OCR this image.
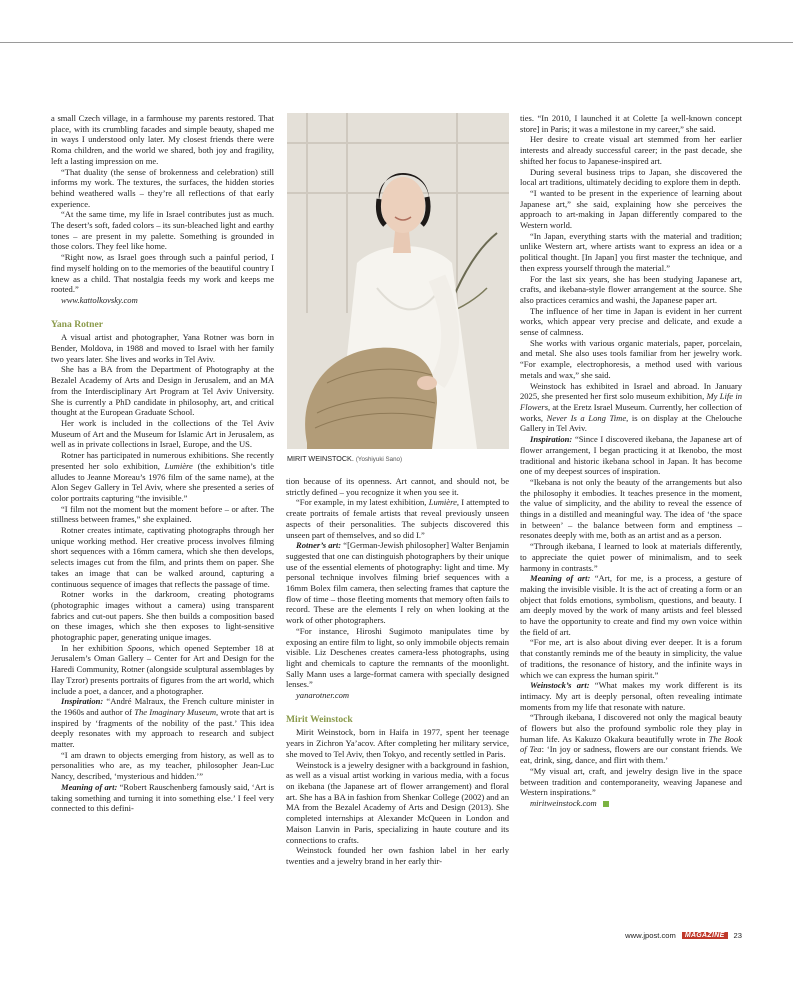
a small Czech village, in a farmhouse my parents restored. That place, with its crumbling facades and simple beauty, shaped me in ways I understood only later. My closest friends there were Roma children, and the world we shared, both joy and fragility, left a lasting impression on me.

“That duality (the sense of brokenness and celebration) still informs my work. The textures, the surfaces, the hidden stories behind weathered walls – they’re all reflections of that early experience.

“At the same time, my life in Israel contributes just as much. The desert’s soft, faded colors – its sun-bleached light and earthy tones – are present in my palette. Something is grounded in those colors. They feel like home.

“Right now, as Israel goes through such a painful period, I find myself holding on to the memories of the beautiful country I knew as a child. That nostalgia feeds my work and keeps me rooted.”

www.kattolkovsky.com

Yana Rotner

A visual artist and photographer, Yana Rotner was born in Bender, Moldova, in 1988 and moved to Israel with her family two years later. She lives and works in Tel Aviv.

She has a BA from the Department of Photography at the Bezalel Academy of Arts and Design in Jerusalem, and an MA from the Interdisciplinary Art Program at Tel Aviv University. She is currently a PhD candidate in philosophy, art, and critical thought at the European Graduate School.

Her work is included in the collections of the Tel Aviv Museum of Art and the Museum for Islamic Art in Jerusalem, as well as in private collections in Israel, Europe, and the US.

Rotner has participated in numerous exhibitions. She recently presented her solo exhibition, Lumière (the exhibition’s title alludes to Jeanne Moreau’s 1976 film of the same name), at the Alon Segev Gallery in Tel Aviv, where she presented a series of color portraits capturing “the invisible.”

“I film not the moment but the moment before – or after. The stillness between frames,” she explained.

Rotner creates intimate, captivating photographs through her unique working method. Her creative process involves filming short sequences with a 16mm camera, which she then develops, selects images cut from the film, and prints them on paper. She takes an image that can be walked around, capturing a continuous sequence of images that reflects the passage of time.

Rotner works in the darkroom, creating photograms (photographic images without a camera) using transparent fabrics and cut-out papers. She then builds a composition based on these images, which she then exposes to light-sensitive photographic paper, generating unique images.

In her exhibition Spoons, which opened September 18 at Jerusalem’s Oman Gallery – Center for Art and Design for the Haredi Community, Rotner (alongside sculptural assemblages by Ilay Tzror) presents portraits of figures from the art world, which include a poet, a dancer, and a photographer.

Inspiration: “André Malraux, the French culture minister in the 1960s and author of The Imaginary Museum, wrote that art is inspired by ‘fragments of the nobility of the past.’ This idea deeply resonates with my approach to research and subject matter.

“I am drawn to objects emerging from history, as well as to personalities who are, as my teacher, philosopher Jean-Luc Nancy, described, ‘mysterious and hidden.’”

Meaning of art: “Robert Rauschenberg famously said, ‘Art is taking something and turning it into something else.’ I feel very connected to this defini-

MIRIT WEINSTOCK. (Yoshiyuki Sano)

tion because of its openness. Art cannot, and should not, be strictly defined – you recognize it when you see it.

“For example, in my latest exhibition, Lumière, I attempted to create portraits of female artists that reveal previously unseen aspects of their personalities. The subjects discovered this unseen part of themselves, and so did I.”

Rotner’s art: “[German-Jewish philosopher] Walter Benjamin suggested that one can distinguish photographers by their unique use of the essential elements of photography: light and time. My personal technique involves filming brief sequences with a 16mm Bolex film camera, then selecting frames that capture the flow of time – those fleeting moments that memory often fails to record. These are the elements I rely on when looking at the work of other photographers.

“For instance, Hiroshi Sugimoto manipulates time by exposing an entire film to light, so only immobile objects remain visible. Liz Deschenes creates camera-less photographs, using light and chemicals to capture the remnants of the moonlight. Sally Mann uses a large-format camera with specially designed lenses.”

yanarotner.com

Mirit Weinstock

Mirit Weinstock, born in Haifa in 1977, spent her teenage years in Zichron Ya’acov. After completing her military service, she moved to Tel Aviv, then Tokyo, and recently settled in Paris.

Weinstock is a jewelry designer with a background in fashion, as well as a visual artist working in various media, with a focus on ikebana (the Japanese art of flower arrangement) and floral art. She has a BA in fashion from Shenkar College (2002) and an MA from the Bezalel Academy of Arts and Design (2013). She completed internships at Alexander McQueen in London and Maison Lanvin in Paris, specializing in haute couture and its connections to crafts.

Weinstock founded her own fashion label in her early twenties and a jewelry brand in her early thir-

ties. “In 2010, I launched it at Colette [a well-known concept store] in Paris; it was a milestone in my career,” she said.

Her desire to create visual art stemmed from her earlier interests and already successful career; in the past decade, she shifted her focus to Japanese-inspired art.

During several business trips to Japan, she discovered the local art traditions, ultimately deciding to explore them in depth.

“I wanted to be present in the experience of learning about Japanese art,” she said, explaining how she perceives the approach to art-making in Japan differently compared to the Western world.

“In Japan, everything starts with the material and tradition; unlike Western art, where artists want to express an idea or a political thought. [In Japan] you first master the technique, and then express yourself through the material.”

For the last six years, she has been studying Japanese art, crafts, and ikebana-style flower arrangement at the source. She also practices ceramics and washi, the Japanese paper art.

The influence of her time in Japan is evident in her current works, which appear very precise and delicate, and exude a sense of calmness.

She works with various organic materials, paper, porcelain, and metal. She also uses tools familiar from her jewelry work. “For example, electrophoresis, a method used with various metals and wax,” she said.

Weinstock has exhibited in Israel and abroad. In January 2025, she presented her first solo museum exhibition, My Life in Flowers, at the Eretz Israel Museum. Currently, her collection of works, Never Is a Long Time, is on display at the Chelouche Gallery in Tel Aviv.

Inspiration: “Since I discovered ikebana, the Japanese art of flower arrangement, I began practicing it at Ikenobo, the most traditional and historic ikebana school in Japan. It has become one of my deepest sources of inspiration.

“Ikebana is not only the beauty of the arrangements but also the philosophy it embodies. It teaches presence in the moment, the value of simplicity, and the ability to reveal the essence of things in a distilled and meaningful way. The idea of ‘the space in between’ – the balance between form and emptiness – resonates deeply with me, both as an artist and as a person.

“Through ikebana, I learned to look at materials differently, to appreciate the quiet power of minimalism, and to seek harmony in contrasts.”

Meaning of art: “Art, for me, is a process, a gesture of making the invisible visible. It is the act of creating a form or an object that folds emotions, symbolism, questions, and beauty. I am deeply moved by the work of many artists and feel blessed to have the opportunity to create and find my own voice within the field of art.

“For me, art is also about diving ever deeper. It is a forum that constantly reminds me of the beauty in simplicity, the value of traditions, the resonance of history, and the infinite ways in which we can express the human spirit.”

Weinstock’s art: “What makes my work different is its intimacy. My art is deeply personal, often revealing intimate moments from my life that resonate with nature.

“Through ikebana, I discovered not only the magical beauty of flowers but also the profound symbolic role they play in human life. As Kakuzo Okakura beautifully wrote in The Book of Tea: ‘In joy or sadness, flowers are our constant friends. We eat, drink, sing, dance, and flirt with them.’

“My visual art, craft, and jewelry design live in the space between tradition and contemporaneity, weaving Japanese and Western inspirations.”

miritweinstock.com

www.jpost.com	MAGAZINE	23
